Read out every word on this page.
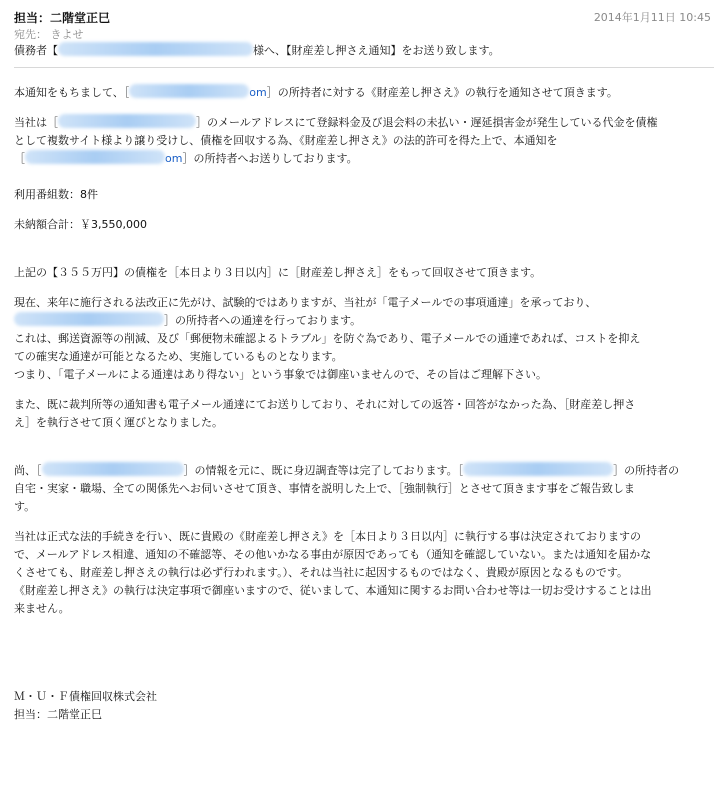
担当：二階堂正巳	2014年1月11日 10:45
宛先： きよせ
債務者【	様へ、【財産差し押さえ通知】をお送り致します。

本通知をもちまして、［	om］の所持者に対する《財産差し押さえ》の執行を通知させて頂きます。

当社は［	］のメールアドレスにて登録料金及び退会料の未払い・遅延損害金が発生している代金を債権
として複数サイト様より譲り受けし、債権を回収する為、《財産差し押さえ》の法的許可を得た上で、本通知を
［	om］の所持者へお送りしております。

利用番組数：8件

未納額合計：￥3,550,000

上記の【３５５万円】の債権を［本日より３日以内］に［財産差し押さえ］をもって回収させて頂きます。

現在、来年に施行される法改正に先がけ、試験的ではありますが、当社が「電子メールでの事項通達」を承っており、
］の所持者への通達を行っております。
これは、郵送資源等の削減、及び「郵便物未確認よるトラブル」を防ぐ為であり、電子メールでの通達であれば、コストを抑え
ての確実な通達が可能となるため、実施しているものとなります。
つまり、「電子メールによる通達はあり得ない」という事象では御座いませんので、その旨はご理解下さい。

また、既に裁判所等の通知書も電子メール通達にてお送りしており、それに対しての返答・回答がなかった為、［財産差し押さ
え］を執行させて頂く運びとなりました。

尚、［	］の情報を元に、既に身辺調査等は完了しております。［	］の所持者の
自宅・実家・職場、全ての関係先へお伺いさせて頂き、事情を説明した上で、［強制執行］とさせて頂きます事をご報告致しま
す。

当社は正式な法的手続きを行い、既に貴殿の《財産差し押さえ》を［本日より３日以内］に執行する事は決定されておりますの
で、メールアドレス相違、通知の不確認等、その他いかなる事由が原因であっても（通知を確認していない。または通知を届かな
くさせても、財産差し押さえの執行は必ず行われます。）、それは当社に起因するものではなく、貴殿が原因となるものです。
《財産差し押さえ》の執行は決定事項で御座いますので、従いまして、本通知に関するお問い合わせ等は一切お受けすることは出
来ません。

Ｍ・Ｕ・Ｆ債権回収株式会社

担当：二階堂正巳
